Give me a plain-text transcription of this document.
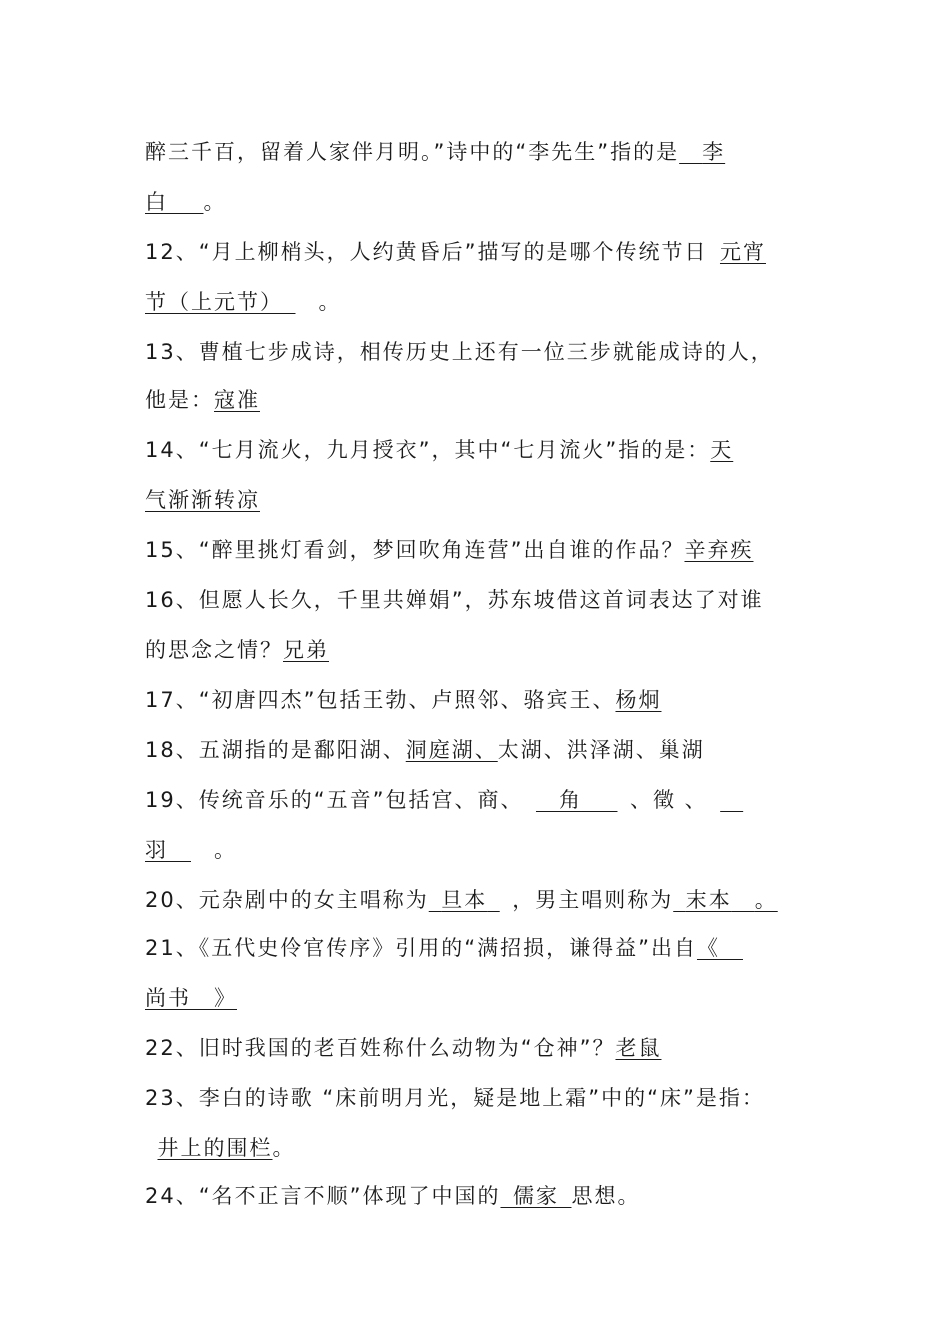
醉三千百，留着人家伴月明。”诗中的“李先生”指的是  李
白   。
12、“月上柳梢头，人约黄昏后”描写的是哪个传统节日  元宵
节（上元节）   。
13、曹植七步成诗，相传历史上还有一位三步就能成诗的人，
他是：寇准
14、“七月流火，九月授衣”，其中“七月流火”指的是：天
气渐渐转凉
15、“醉里挑灯看剑，梦回吹角连营”出自谁的作品？辛弃疾
16、但愿人长久，千里共婵娟”，苏东坡借这首词表达了对谁
的思念之情？兄弟
17、“初唐四杰”包括王勃、卢照邻、骆宾王、杨炯
18、五湖指的是鄱阳湖、洞庭湖、太湖、洪泽湖、巢湖
19、传统音乐的“五音”包括宫、商、   角    、徵 、  
羽   。
20、元杂剧中的女主唱称为  旦本   ，男主唱则称为  末本  。
21、《五代史伶官传序》引用的“满招损，谦得益”出自《 
尚书  》
22、旧时我国的老百姓称什么动物为“仓神”？老鼠
23、李白的诗歌 “床前明月光，疑是地上霜”中的“床”是指：
 井上的围栏。
24、“名不正言不顺”体现了中国的  儒家  思想。
